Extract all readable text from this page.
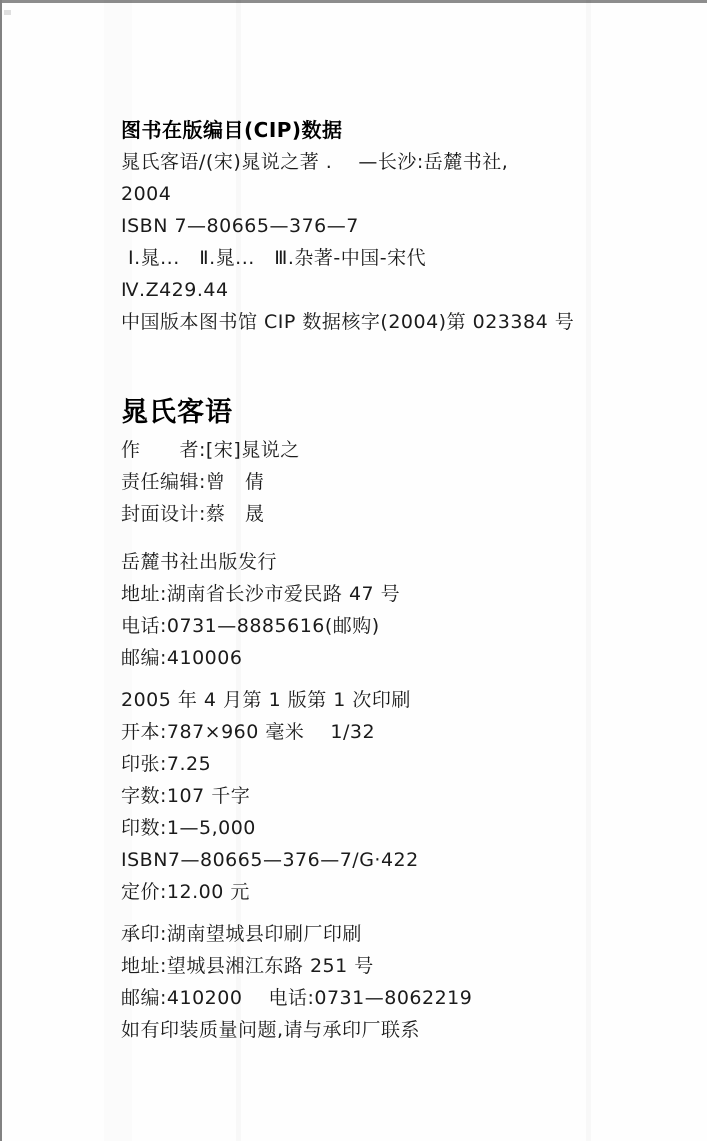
图书在版编目(CIP)数据
晁氏客语/(宋)晁说之著 .　 —长沙:岳麓书社,
2004
ISBN 7—80665—376—7
Ⅰ.晁...　Ⅱ.晁...　Ⅲ.杂著-中国-宋代
Ⅳ.Z429.44
中国版本图书馆 CIP 数据核字(2004)第 023384 号
晁氏客语
作　　者:[宋]晁说之
责任编辑:曾　倩
封面设计:蔡　晟
岳麓书社出版发行
地址:湖南省长沙市爱民路 47 号
电话:0731—8885616(邮购)
邮编:410006
2005 年 4 月第 1 版第 1 次印刷
开本:787×960 毫米　 1/32
印张:7.25
字数:107 千字
印数:1—5,000
ISBN7—80665—376—7/G·422
定价:12.00 元
承印:湖南望城县印刷厂印刷
地址:望城县湘江东路 251 号
邮编:410200　 电话:0731—8062219
如有印装质量问题,请与承印厂联系
